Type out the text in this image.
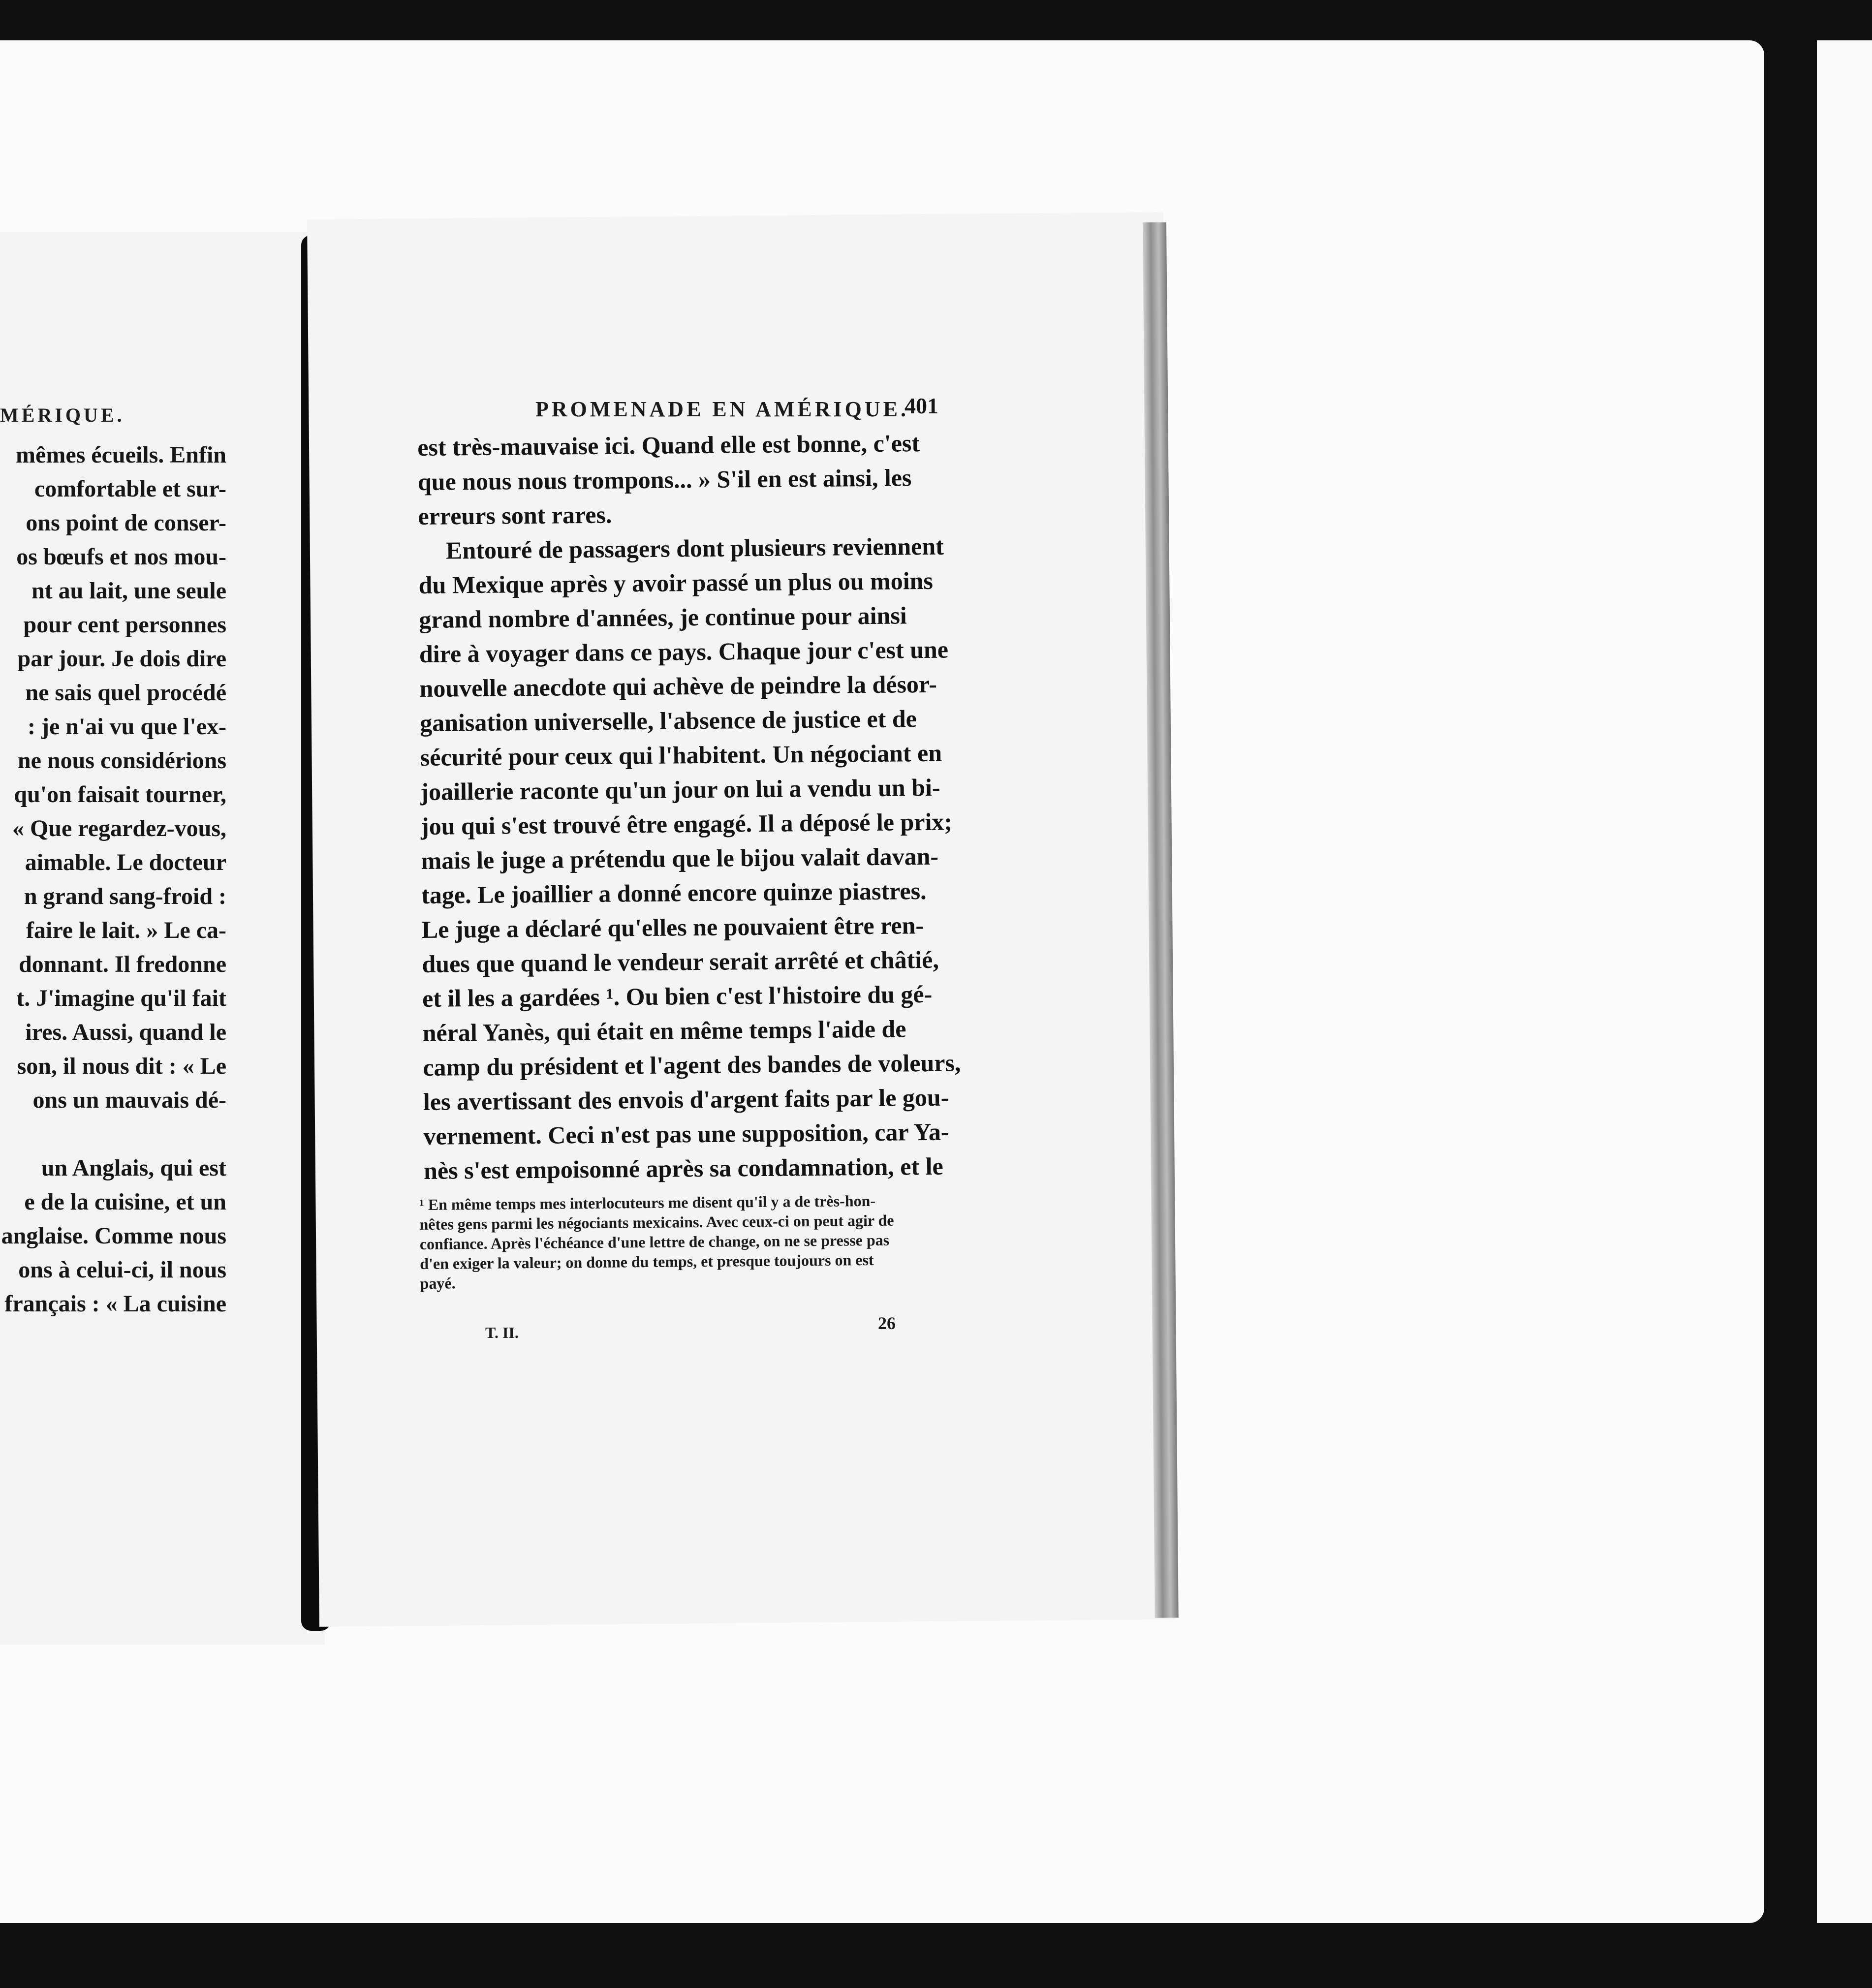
MÉRIQUE.
mêmes écueils. Enfin
comfortable et sur-
ons point de conser-
os bœufs et nos mou-
nt au lait, une seule
pour cent personnes
par jour. Je dois dire
ne sais quel procédé
: je n'ai vu que l'ex-
ne nous considérions
qu'on faisait tourner,
« Que regardez-vous,
aimable. Le docteur
n grand sang-froid :
faire le lait. » Le ca-
donnant. Il fredonne
t. J'imagine qu'il fait
ires. Aussi, quand le
son, il nous dit : « Le
ons un mauvais dé-
un Anglais, qui est
e de la cuisine, et un
anglaise. Comme nous
ons à celui-ci, il nous
français : « La cuisine
PROMENADE EN AMÉRIQUE.
401
est très-mauvaise ici. Quand elle est bonne, c'est
que nous nous trompons... » S'il en est ainsi, les
erreurs sont rares.
Entouré de passagers dont plusieurs reviennent
du Mexique après y avoir passé un plus ou moins
grand nombre d'années, je continue pour ainsi
dire à voyager dans ce pays. Chaque jour c'est une
nouvelle anecdote qui achève de peindre la désor-
ganisation universelle, l'absence de justice et de
sécurité pour ceux qui l'habitent. Un négociant en
joaillerie raconte qu'un jour on lui a vendu un bi-
jou qui s'est trouvé être engagé. Il a déposé le prix;
mais le juge a prétendu que le bijou valait davan-
tage. Le joaillier a donné encore quinze piastres.
Le juge a déclaré qu'elles ne pouvaient être ren-
dues que quand le vendeur serait arrêté et châtié,
et il les a gardées ¹. Ou bien c'est l'histoire du gé-
néral Yanès, qui était en même temps l'aide de
camp du président et l'agent des bandes de voleurs,
les avertissant des envois d'argent faits par le gou-
vernement. Ceci n'est pas une supposition, car Ya-
nès s'est empoisonné après sa condamnation, et le
¹ En même temps mes interlocuteurs me disent qu'il y a de très-hon-
nêtes gens parmi les négociants mexicains. Avec ceux-ci on peut agir de
confiance. Après l'échéance d'une lettre de change, on ne se presse pas
d'en exiger la valeur; on donne du temps, et presque toujours on est
payé.
T. II.	26
